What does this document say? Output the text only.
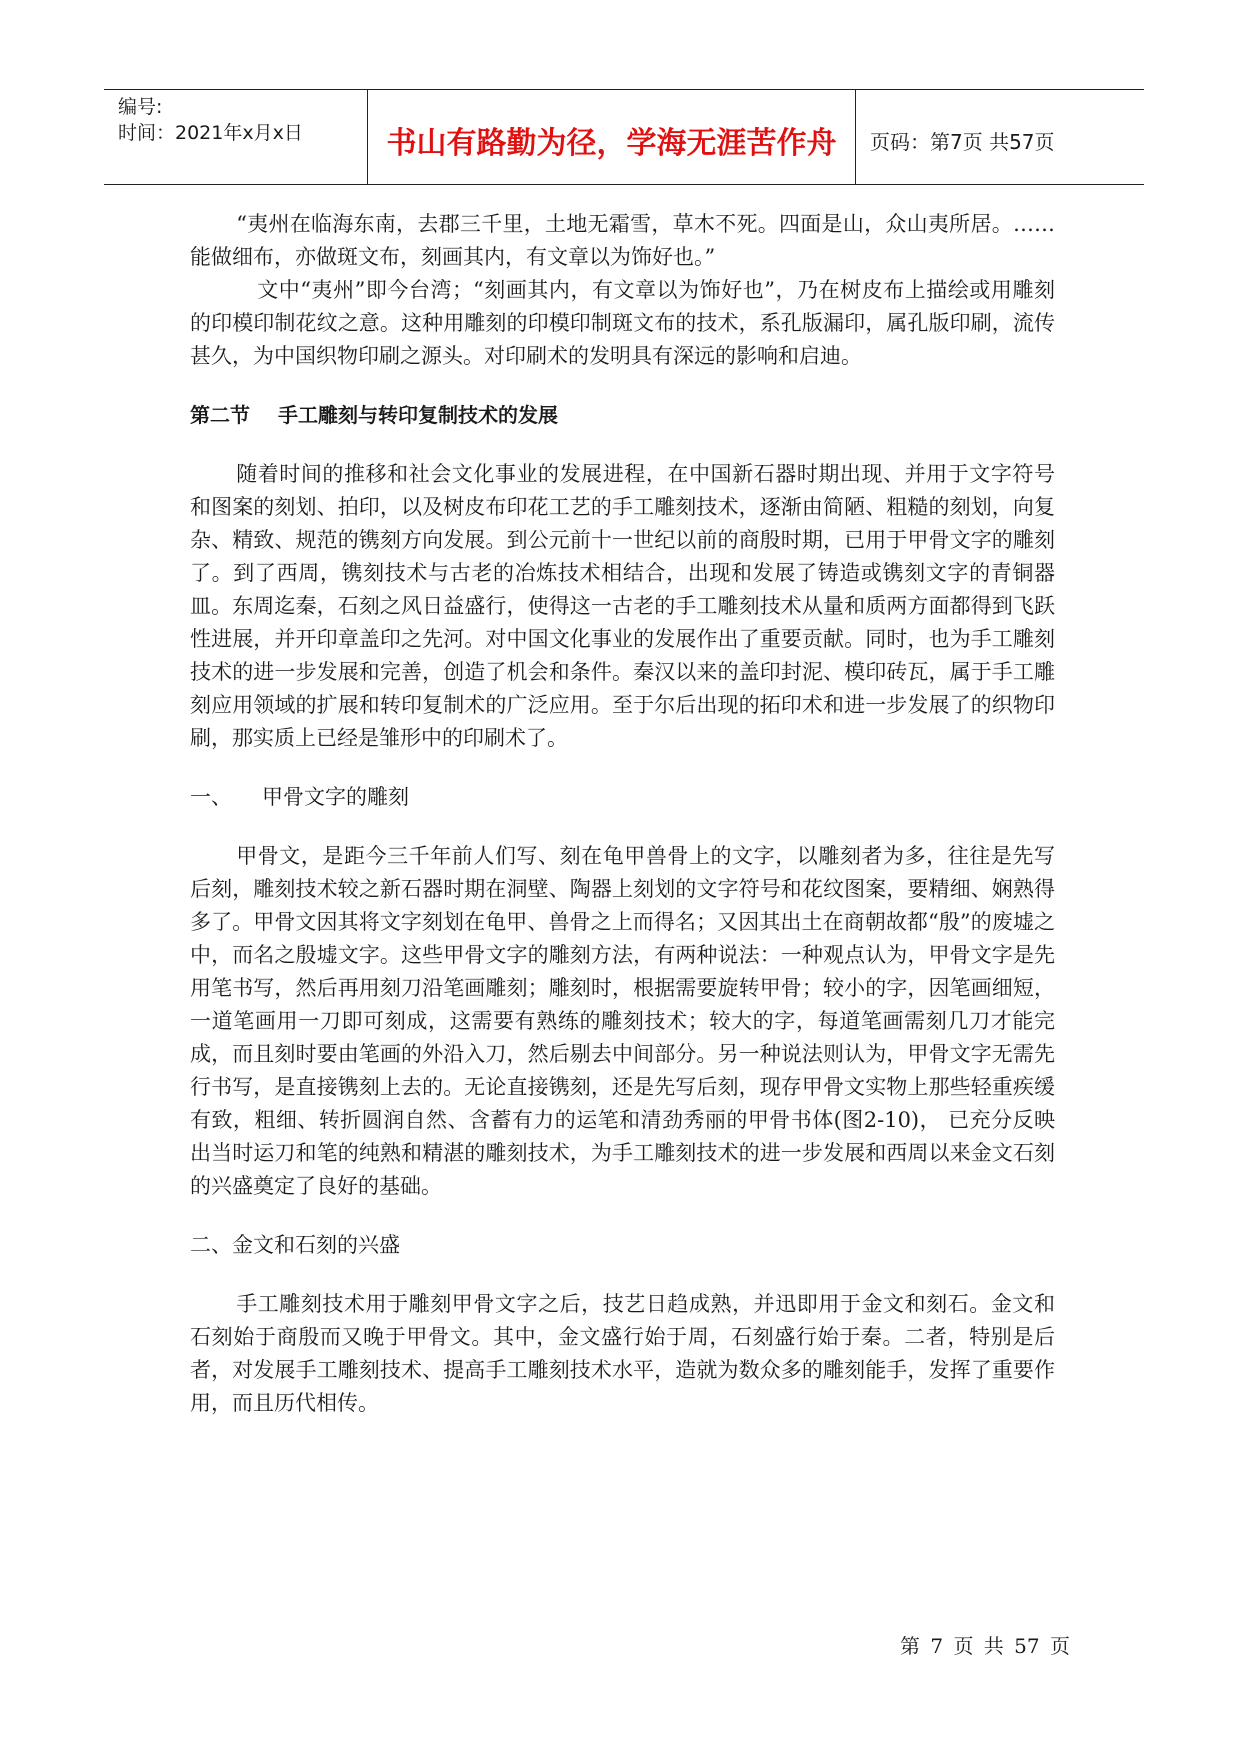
编号:
时间：2021年x月x日	书山有路勤为径，学海无涯苦作舟	页码：第7页 共57页

“夷州在临海东南，去郡三千里，土地无霜雪，草木不死。四面是山，众山夷所居。……能做细布，亦做斑文布，刻画其内，有文章以为饰好也。”

文中“夷州”即今台湾；“刻画其内，有文章以为饰好也”，乃在树皮布上描绘或用雕刻的印模印制花纹之意。这种用雕刻的印模印制斑文布的技术，系孔版漏印，属孔版印刷，流传甚久，为中国织物印刷之源头。对印刷术的发明具有深远的影响和启迪。

第二节 手工雕刻与转印复制技术的发展

随着时间的推移和社会文化事业的发展进程，在中国新石器时期出现、并用于文字符号和图案的刻划、拍印，以及树皮布印花工艺的手工雕刻技术，逐渐由简陋、粗糙的刻划，向复杂、精致、规范的镌刻方向发展。到公元前十一世纪以前的商殷时期，已用于甲骨文字的雕刻了。到了西周，镌刻技术与古老的冶炼技术相结合，出现和发展了铸造或镌刻文字的青铜器皿。东周迄秦，石刻之风日益盛行，使得这一古老的手工雕刻技术从量和质两方面都得到飞跃性进展，并开印章盖印之先河。对中国文化事业的发展作出了重要贡献。同时，也为手工雕刻技术的进一步发展和完善，创造了机会和条件。秦汉以来的盖印封泥、模印砖瓦，属于手工雕刻应用领域的扩展和转印复制术的广泛应用。至于尔后出现的拓印术和进一步发展了的织物印刷，那实质上已经是雏形中的印刷术了。

一、 甲骨文字的雕刻

甲骨文，是距今三千年前人们写、刻在龟甲兽骨上的文字，以雕刻者为多，往往是先写后刻，雕刻技术较之新石器时期在洞壁、陶器上刻划的文字符号和花纹图案，要精细、娴熟得多了。甲骨文因其将文字刻划在龟甲、兽骨之上而得名；又因其出土在商朝故都“殷”的废墟之中，而名之殷墟文字。这些甲骨文字的雕刻方法，有两种说法：一种观点认为，甲骨文字是先用笔书写，然后再用刻刀沿笔画雕刻；雕刻时，根据需要旋转甲骨；较小的字，因笔画细短，一道笔画用一刀即可刻成，这需要有熟练的雕刻技术；较大的字，每道笔画需刻几刀才能完成，而且刻时要由笔画的外沿入刀，然后剔去中间部分。另一种说法则认为，甲骨文字无需先行书写，是直接镌刻上去的。无论直接镌刻，还是先写后刻，现存甲骨文实物上那些轻重疾缓有致，粗细、转折圆润自然、含蓄有力的运笔和清劲秀丽的甲骨书体(图2-10)， 已充分反映出当时运刀和笔的纯熟和精湛的雕刻技术，为手工雕刻技术的进一步发展和西周以来金文石刻的兴盛奠定了良好的基础。

二、金文和石刻的兴盛

手工雕刻技术用于雕刻甲骨文字之后，技艺日趋成熟，并迅即用于金文和刻石。金文和石刻始于商殷而又晚于甲骨文。其中，金文盛行始于周，石刻盛行始于秦。二者，特别是后者，对发展手工雕刻技术、提高手工雕刻技术水平，造就为数众多的雕刻能手，发挥了重要作用，而且历代相传。

第 7 页 共 57 页
